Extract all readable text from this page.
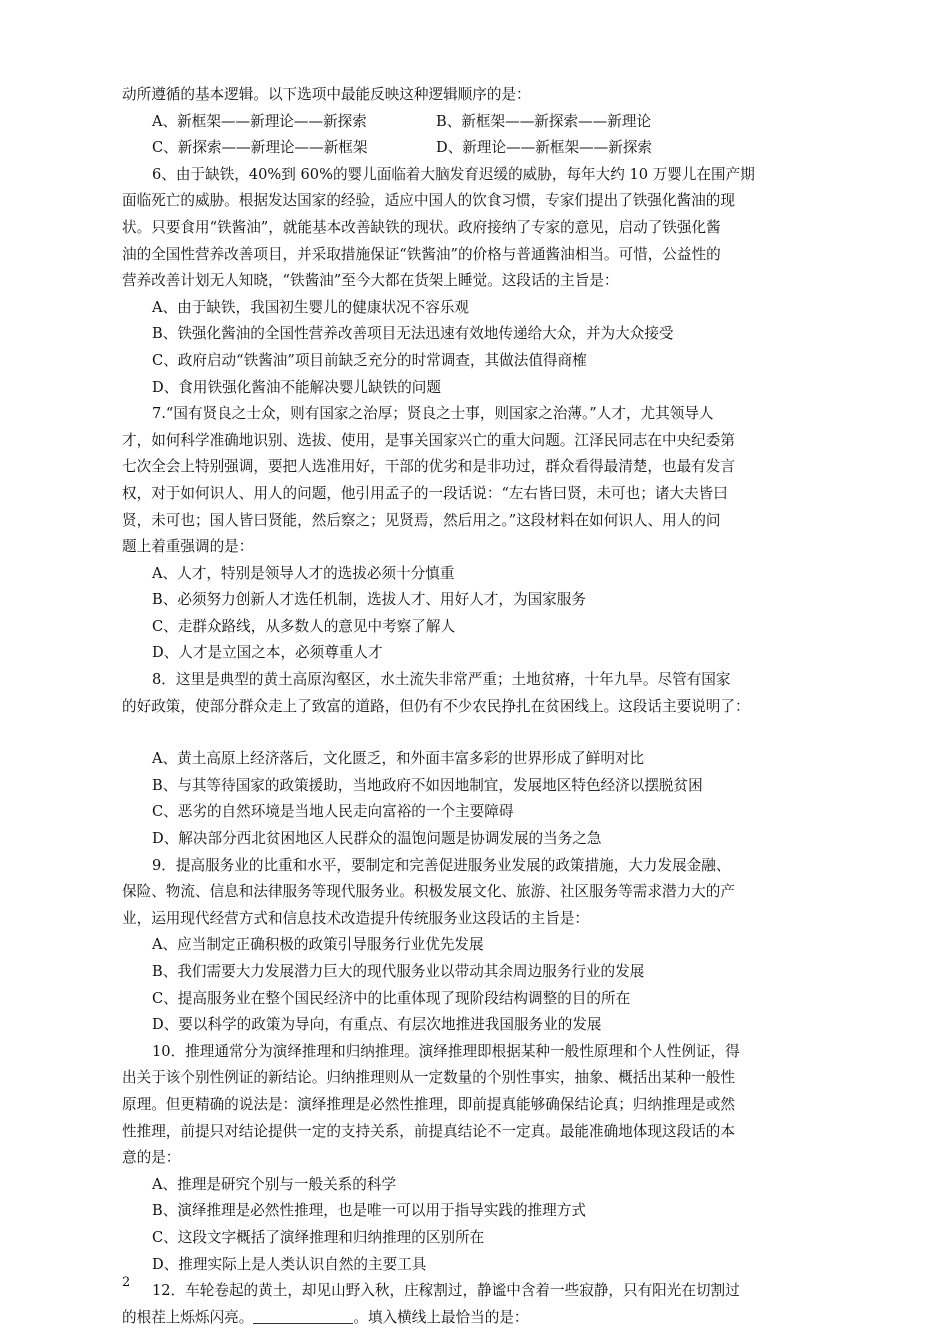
动所遵循的基本逻辑。以下选项中最能反映这种逻辑顺序的是：
A、新框架——新理论——新探索	B、新框架——新探索——新理论
C、新探索——新理论——新框架	D、新理论——新框架——新探索
6、由于缺铁，40%到 60%的婴儿面临着大脑发育迟缓的威胁，每年大约 10 万婴儿在围产期
面临死亡的威胁。根据发达国家的经验，适应中国人的饮食习惯，专家们提出了铁强化酱油的现
状。只要食用“铁酱油”，就能基本改善缺铁的现状。政府接纳了专家的意见，启动了铁强化酱
油的全国性营养改善项目，并采取措施保证“铁酱油”的价格与普通酱油相当。可惜，公益性的
营养改善计划无人知晓，“铁酱油”至今大都在货架上睡觉。这段话的主旨是：
A、由于缺铁，我国初生婴儿的健康状况不容乐观
B、铁强化酱油的全国性营养改善项目无法迅速有效地传递给大众，并为大众接受
C、政府启动“铁酱油”项目前缺乏充分的时常调查，其做法值得商榷
D、食用铁强化酱油不能解决婴儿缺铁的问题
7.“国有贤良之士众，则有国家之治厚；贤良之士事，则国家之治薄。”人才，尤其领导人
才，如何科学准确地识别、选拔、使用，是事关国家兴亡的重大问题。江泽民同志在中央纪委第
七次全会上特别强调，要把人选准用好，干部的优劣和是非功过，群众看得最清楚，也最有发言
权，对于如何识人、用人的问题，他引用孟子的一段话说：“左右皆曰贤，未可也；诸大夫皆曰
贤，未可也；国人皆曰贤能，然后察之；见贤焉，然后用之。”这段材料在如何识人、用人的问
题上着重强调的是：
A、人才，特别是领导人才的选拔必须十分慎重
B、必须努力创新人才选任机制，选拔人才、用好人才，为国家服务
C、走群众路线，从多数人的意见中考察了解人
D、人才是立国之本，必须尊重人才
8．这里是典型的黄土高原沟壑区，水土流失非常严重；土地贫瘠，十年九旱。尽管有国家
的好政策，使部分群众走上了致富的道路，但仍有不少农民挣扎在贫困线上。这段话主要说明了：
A、黄土高原上经济落后，文化匮乏，和外面丰富多彩的世界形成了鲜明对比
B、与其等待国家的政策援助，当地政府不如因地制宜，发展地区特色经济以摆脱贫困
C、恶劣的自然环境是当地人民走向富裕的一个主要障碍
D、解决部分西北贫困地区人民群众的温饱问题是协调发展的当务之急
9．提高服务业的比重和水平，要制定和完善促进服务业发展的政策措施，大力发展金融、
保险、物流、信息和法律服务等现代服务业。积极发展文化、旅游、社区服务等需求潜力大的产
业，运用现代经营方式和信息技术改造提升传统服务业这段话的主旨是：
A、应当制定正确积极的政策引导服务行业优先发展
B、我们需要大力发展潜力巨大的现代服务业以带动其余周边服务行业的发展
C、提高服务业在整个国民经济中的比重体现了现阶段结构调整的目的所在
D、要以科学的政策为导向，有重点、有层次地推进我国服务业的发展
10．推理通常分为演绎推理和归纳推理。演绎推理即根据某种一般性原理和个人性例证，得
出关于该个别性例证的新结论。归纳推理则从一定数量的个别性事实，抽象、概括出某种一般性
原理。但更精确的说法是：演绎推理是必然性推理，即前提真能够确保结论真；归纳推理是或然
性推理，前提只对结论提供一定的支持关系，前提真结论不一定真。最能准确地体现这段话的本
意的是：
A、推理是研究个别与一般关系的科学
B、演绎推理是必然性推理，也是唯一可以用于指导实践的推理方式
C、这段文字概括了演绎推理和归纳推理的区别所在
D、推理实际上是人类认识自然的主要工具
12．车轮卷起的黄土，却见山野入秋，庄稼割过，静谧中含着一些寂静，只有阳光在切割过
的根茬上烁烁闪亮。	。填入横线上最恰当的是：
2
